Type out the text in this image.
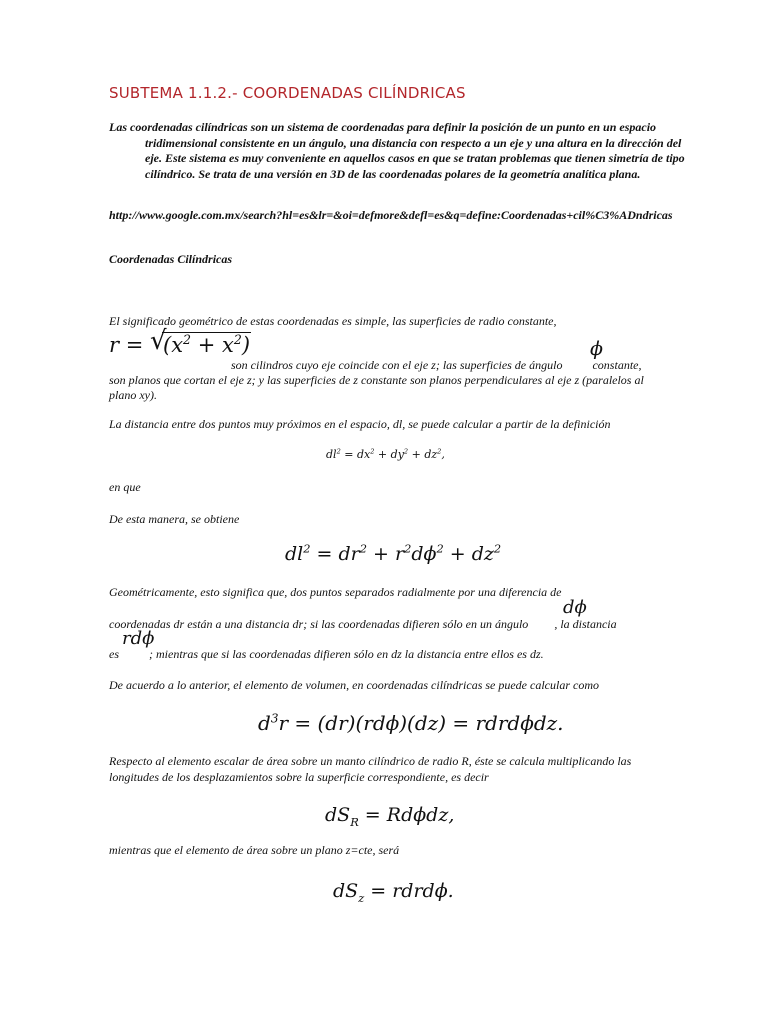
SUBTEMA 1.1.2.- COORDENADAS CILÍNDRICAS
Las coordenadas cilíndricas son un sistema de coordenadas para definir la posición de un punto en un espacio tridimensional consistente en un ángulo, una distancia con respecto a un eje y una altura en la dirección del eje. Este sistema es muy conveniente en aquellos casos en que se tratan problemas que tienen simetría de tipo cilíndrico. Se trata de una versión en 3D de las coordenadas polares de la geometría analítica plana.
http://www.google.com.mx/search?hl=es&lr=&oi=defmore&defl=es&q=define:Coordenadas+cil%C3%ADndricas
Coordenadas Cilíndricas
El significado geométrico de estas coordenadas es simple, las superficies de radio constante,
r = √
$(x^2 + x^2)$	ϕ
son cilindros cuyo eje coincide con el eje z; las superficies de ángulo	constante,
son planos que cortan el eje z; y las superficies de z constante son planos perpendiculares al eje z (paralelos al plano xy).
La distancia entre dos puntos muy próximos en el espacio, dl, se puede calcular a partir de la definición
$dl^2 = dx^2 + dy^2 + dz^2$,
en que
De esta manera, se obtiene
$dl^2 = dr^2 + r^2d\phi^2 + dz^2$
Geométricamente, esto significa que, dos puntos separados radialmente por una diferencia de
dϕ
coordenadas dr están a una distancia dr; si las coordenadas difieren sólo en un ángulo , la distancia
rdϕ
es	; mientras que si las coordenadas difieren sólo en dz la distancia entre ellos es dz.
De acuerdo a lo anterior, el elemento de volumen, en coordenadas cilíndricas se puede calcular como
$d^3r = (dr)(rd\phi)(dz)$ = rdrdϕdz.
Respecto al elemento escalar de área sobre un manto cilíndrico de radio R, éste se calcula multiplicando las longitudes de los desplazamientos sobre la superficie correspondiente, es decir
$dS_R = Rd\phi dz$,
mientras que el elemento de área sobre un plano z=cte, será
$dS_z$ = rdrdϕ.
